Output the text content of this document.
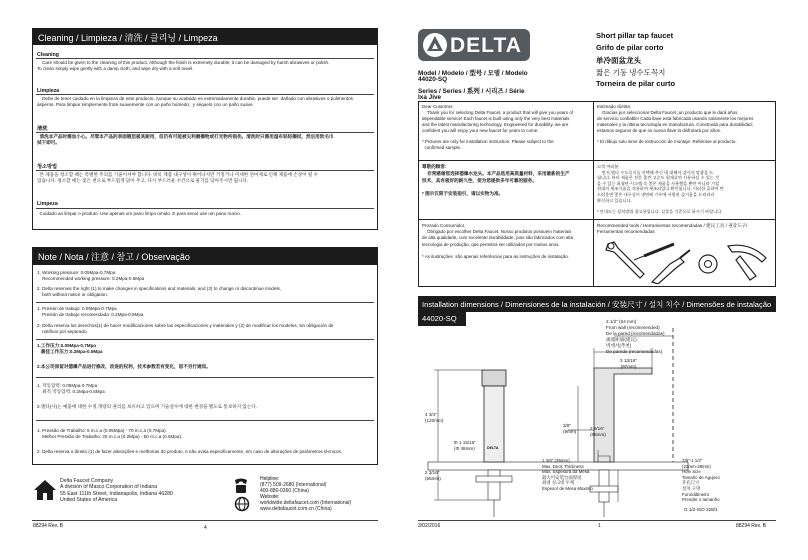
Cleaning / Limpieza / 清洗 / 클리닝 / Limpeza
Cleaning
Care should be given to the cleaning of this product. Although the finish is extremely durable, it can be damaged by harsh abrasives or polish.
To clean simply wipe gently with a damp cloth, and wipe dry with a soft towel.
Limpieza
Debe de tener cuidado en la limpieza de este producto. Aunque su acabado es extremadamente durable, puede ser  dañado con abrasivos o pulimentos
ásperos. Para limpiar simplemente frote suavemente con un paño húmedo,  y séquelo con un paño suave.
清洗
清洗本产品时需加小心。尽管本产品的表面镀层极其耐用，但仍有可能被尖利磨擦物或打光物所损伤。清洗时只需用湿布轻轻擦拭，然后用软毛巾
拭干即可。
청소방법
본 제품을 청소할 때는 특별한 주의를 기울이셔야 합니다. 비록 제품 내구성이 뛰어나지만 거칠거나 미세한 연마제로 인해 제품에 손상이 될 수
있습니다. 청소할 때는 젖은 천으로 부드럽게 닦아 주고, 다시 부드러운 수건으로 물기를 닦아주시면 됩니다.
Limpeza
Cuidado ao limpar o produto. Use apenas um pano limpo úmido. E para secar use um pano macio.
Note / Nota / 注意 / 참고 / Observação
1. Working pressure: 0.05Mpa-0.7Mpa
Recommended working pressure: 0.2Mpa-0.5Mpa
2. Delta reserves the right (1) to make changes in specifications and materials, and (2) to change or discontinue models,
both without notice or obligation.
1. Presión de trabajo: 0.05Mpa-0.7Mpa
Presión de trabajo recomendada: 0.2Mpa-0.5Mpa
2. Delta reserva los derechos(1) de hacer modificaciones sobre las especificaciones y materiales y (2) de modificar los modelos, sin obligación de
notificar por separado.
1.工作压力:0.05Mpa-0.7Mpa
最佳工作压力:0.2Mpa-0.5Mpa
2.本公司保留对德爆产品进行修改、改进的权利，技术参数若有变化，恕不另行通知。
1. 작동압력: 0.05Mpa-0.7Mpa
최적 작동압력: 0.2Mpa-0.5Mpa
2.델타(사)는 예품에 대한 수정,개량의 권리를 보유하고 있으며 기술설수에 대한 변경을 별도로 통보하지 않는다.
1. Pressão de Trabalho: 5 m.c.a (0.05Mpa) - 70 m.c.a (0.7Mpa).
Melhor Pressão de Trabalho: 20 m.c.a (0.2Mpa) - 50 m.c.a (0.5Mpa).
2. Delta reserva o direito (1) de fazer alterações e melhorias do produto, e não avisa especificamente, em caso de alterações de parâmetros técnicos.
Delta Faucet Company
A division of Masco Corporation of Indiana
55 East 111th Street, Indianapolis, Indiana 46280
United States of America
Helpline:
(877) 509-2680 (International)
400-880-0360 (China)
Website:
worldwide.deltafaucet.com (International)
www.deltafaucet.com.cn (China)
88294 Rev. B	4
DELTA
Model / Modelo / 型号 / 모델 / Modelo
44020-SQ
Series / Series / 系列 / 시리즈 / Série
Ixa Jive
Short pillar tap faucet
Grifo de pilar corto
单冷面盆龙头
짧은 기둥 냉수도꼭지
Torneira de pilar curto
Dear Customer,
Thank you for selecting Delta Faucet, a product that will give you years of
dependable service! Each faucet is built using only the very best materials
and the latest manufacturing technology. Engineered for durability, we are
confident you will enjoy your new faucet for years to come.

* Pictures are only for installation instruction. Please subject to the
confirmed sample.
Estimado cliente,
Gracias por seleccionar Delta Faucet ¡un producto que le dará años
de servicio confiable! Cada llave está fabricada usando solamente los mejores
materiales y la última tecnología en manufactura. Construida para durabilidad;
estamos seguros de que su nueva llave la disfrutará por años.

* El dibujo solo sirve de instrucción de montaje. Refiérase al producto.
尊敬的顾客:
非常感谢您选择德爆水龙头。本产品选用高质量材料，采用最新的生产
技术，具有极好的耐久性，使为您提供多年可靠的服务。

* 图示仅限于安装指引，请以实物为准。
고객 여러분,
먼저 델타 수도꼭지를 선택해 주신 데 대해서 감사의 말씀을 드
립니다. 바티 제품은 전문 졸컨 고순도 원재료만 사용하실 수 있는 것
을 수 있는 최첨단 시스템 속 좋은 제품을 사용했을 뿐만 아니라 기업
현대의 제조기술을 적용하여 제조되었다 확인합니다. 이러한 곱하여 반
드러운면 좋은 내구성이 냉면에 기우에 서원히 즐거움을 드리리라
확신하고 있습니다.

* 안내도는 설치방법 참고용입니다. 실물을 기준으로 하시기 바랍니다.
Prezado Consumidor,
Obrigado por escolher Delta Faucet. Nosso produtos possuem materiais
de alta qualidade, com excelente durabilidade, pois são fabricados com alta
tecnologia de produção, que permitira ser utilizados por muitos anos.

* As ilustrações  são apenas referências para as instruções de instalação.
Recommended tools / Herramientas recomendadas / 建议工具 / 권장도구/
Ferramentas recomendadas
Installation dimensions / Dimensiones de la instalación / 安装尺寸 / 설치 치수 / Dimensões de instalação
44020-SQ	2 1/2" (64 mm)
From wall (recommended)
De la pared (recomendadas)
离墙距离(建议)
벽에서(추천)
De parede (recomendadas)
3 13/16"
(97mm)
4 3/4"
(120mm)
3/8"
(9mm)
2 9/16"
(65mm)
Φ 1 15/16"
(Φ 48mm)
2 3/16"
(55mm)
1 3/8" (35mm)
Max. Deck Thickness
Max. Espesura da Mesa
最大可安装台面厚度
최대 싱크대 두께
Espesor de Mesa Maximo
7/8"-1 1/2"
(22mm-38mm)
Hole Size
Tamaño de Agujero
开孔尺寸
설치 구멍
Furo/diâmetro
Prender o tamanho
G 1/2-ISO 228/1
DELTA
3/02/2016	1	88294 Rev. B
